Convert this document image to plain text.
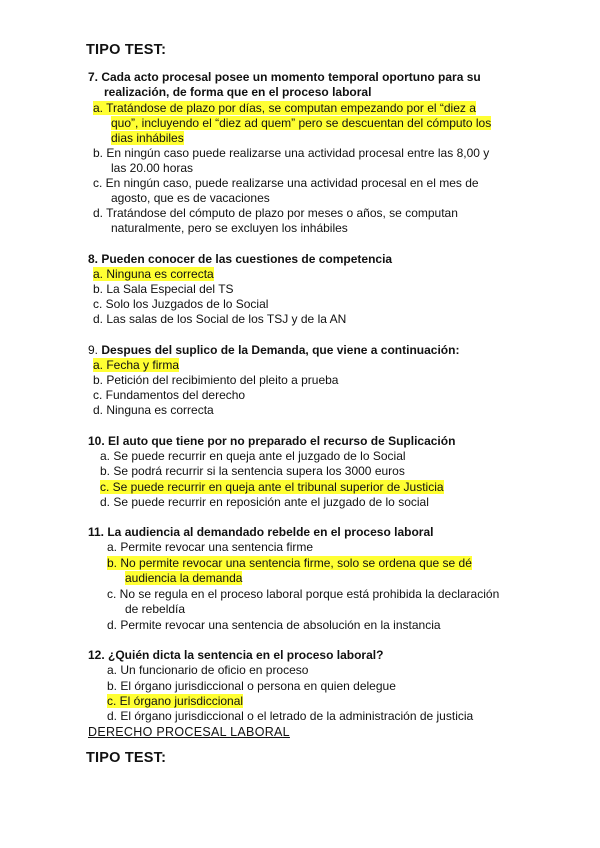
TIPO TEST:
7. Cada acto procesal posee un momento temporal oportuno para su
realización, de forma que en el proceso laboral
a. Tratándose de plazo por días, se computan empezando por el “diez a
quo”, incluyendo el “diez ad quem” pero se descuentan del cómputo los
dias inhábiles
b. En ningún caso puede realizarse una actividad procesal entre las 8,00 y
las 20.00 horas
c. En ningún caso, puede realizarse una actividad procesal en el mes de
agosto, que es de vacaciones
d. Tratándose del cómputo de plazo por meses o años, se computan
naturalmente, pero se excluyen los inhábiles
8. Pueden conocer de las cuestiones de competencia
a. Ninguna es correcta
b. La Sala Especial del TS
c. Solo los Juzgados de lo Social
d. Las salas de los Social de los TSJ y de la AN
9. Despues del suplico de la Demanda, que viene a continuación:
a. Fecha y firma
b. Petición del recibimiento del pleito a prueba
c. Fundamentos del derecho
d. Ninguna es correcta
10. El auto que tiene por no preparado el recurso de Suplicación
a. Se puede recurrir en queja ante el juzgado de lo Social
b. Se podrá recurrir si la sentencia supera los 3000 euros
c. Se puede recurrir en queja ante el tribunal superior de Justicia
d. Se puede recurrir en reposición ante el juzgado de lo social
11. La audiencia al demandado rebelde en el proceso laboral
a. Permite revocar una sentencia firme
b. No permite revocar una sentencia firme, solo se ordena que se dé
audiencia la demanda
c. No se regula en el proceso laboral porque está prohibida la declaración
de rebeldía
d. Permite revocar una sentencia de absolución en la instancia
12. ¿Quién dicta la sentencia en el proceso laboral?
a. Un funcionario de oficio en proceso
b. El órgano jurisdiccional o persona en quien delegue
c. El órgano jurisdiccional
d. El órgano jurisdiccional o el letrado de la administración de justicia
DERECHO PROCESAL LABORAL
TIPO TEST:
